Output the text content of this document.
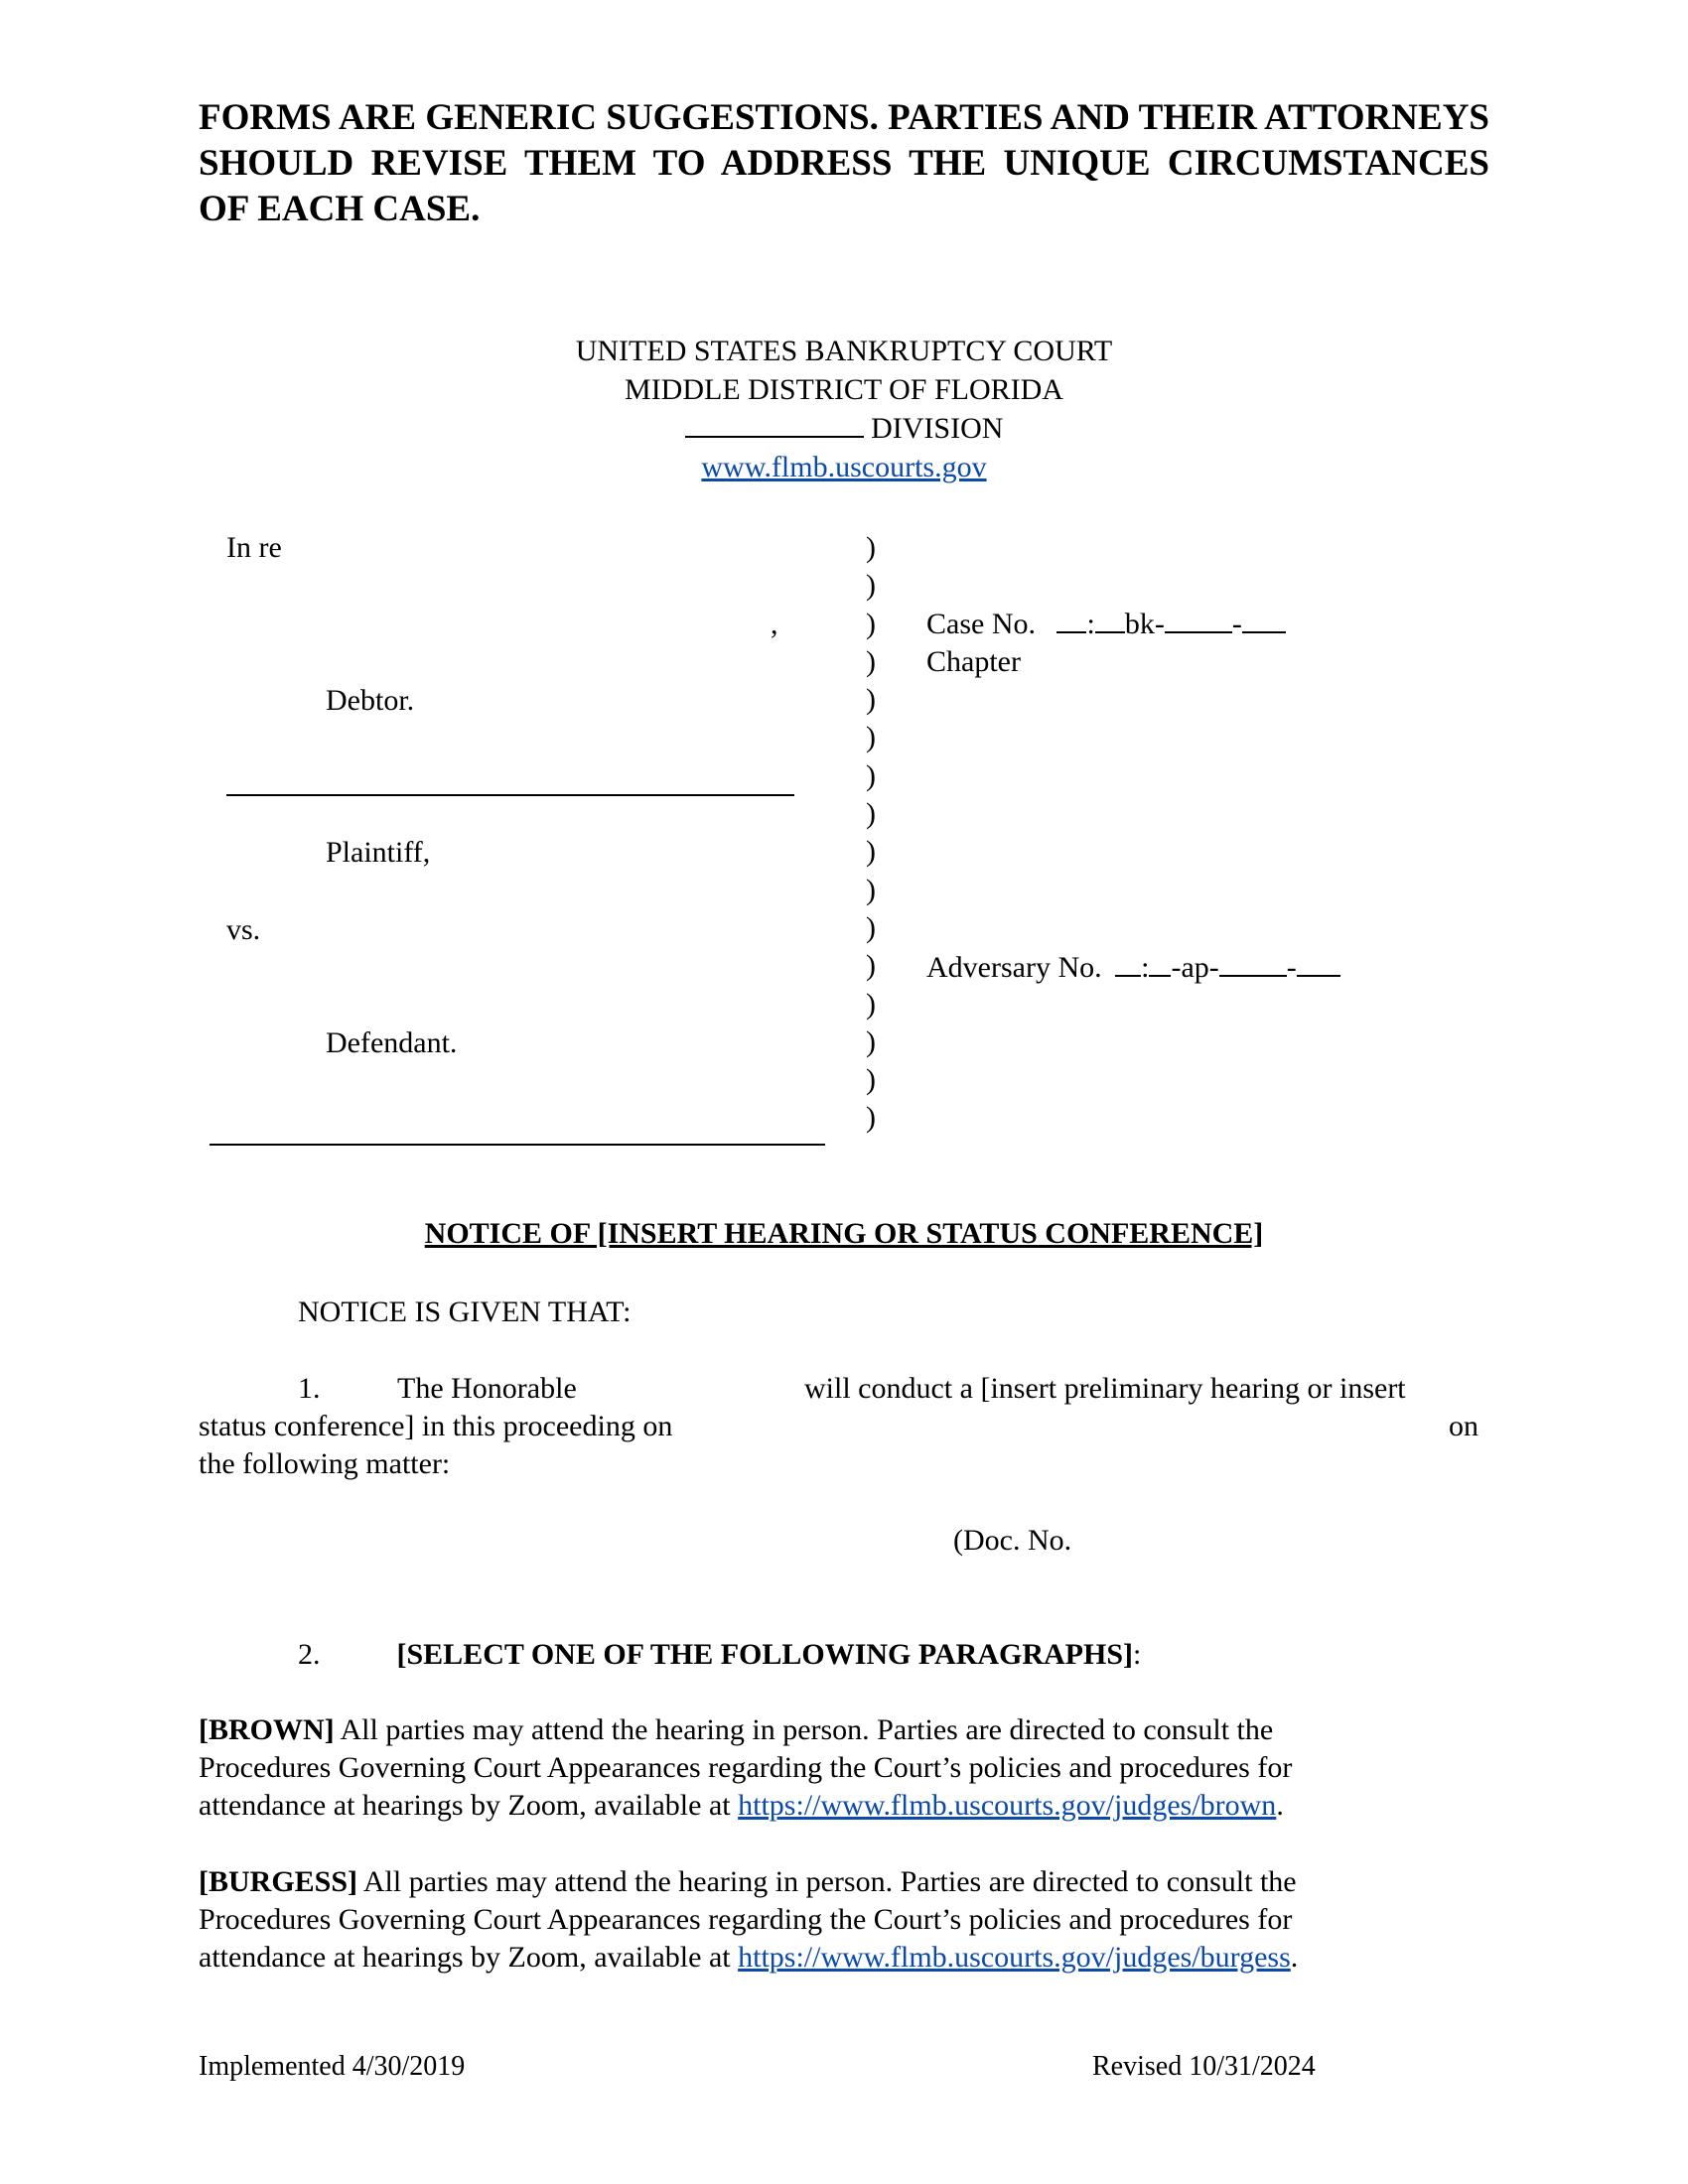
FORMS ARE GENERIC SUGGESTIONS. PARTIES AND THEIR ATTORNEYS SHOULD REVISE THEM TO ADDRESS THE UNIQUE CIRCUMSTANCES OF EACH CASE.
UNITED STATES BANKRUPTCY COURT
MIDDLE DISTRICT OF FLORIDA
DIVISION
www.flmb.uscourts.gov
In re
,
Debtor.
Plaintiff,
vs.
Defendant.
)
)
)
)
)
)
)
)
)
)
)
)
)
)
)
)
Case No. : bk- -
Chapter
Adversary No. : -ap- -
NOTICE OF [INSERT HEARING OR STATUS CONFERENCE]
NOTICE IS GIVEN THAT:
1.	The Honorable	will conduct a [insert preliminary hearing or insert
status conference] in this proceeding on	on
the following matter:
(Doc. No.
2.	[SELECT ONE OF THE FOLLOWING PARAGRAPHS]:
[BROWN] All parties may attend the hearing in person. Parties are directed to consult the
Procedures Governing Court Appearances regarding the Court’s policies and procedures for
attendance at hearings by Zoom, available at https://www.flmb.uscourts.gov/judges/brown.
[BURGESS] All parties may attend the hearing in person. Parties are directed to consult the
Procedures Governing Court Appearances regarding the Court’s policies and procedures for
attendance at hearings by Zoom, available at https://www.flmb.uscourts.gov/judges/burgess.
Implemented 4/30/2019	Revised 10/31/2024
